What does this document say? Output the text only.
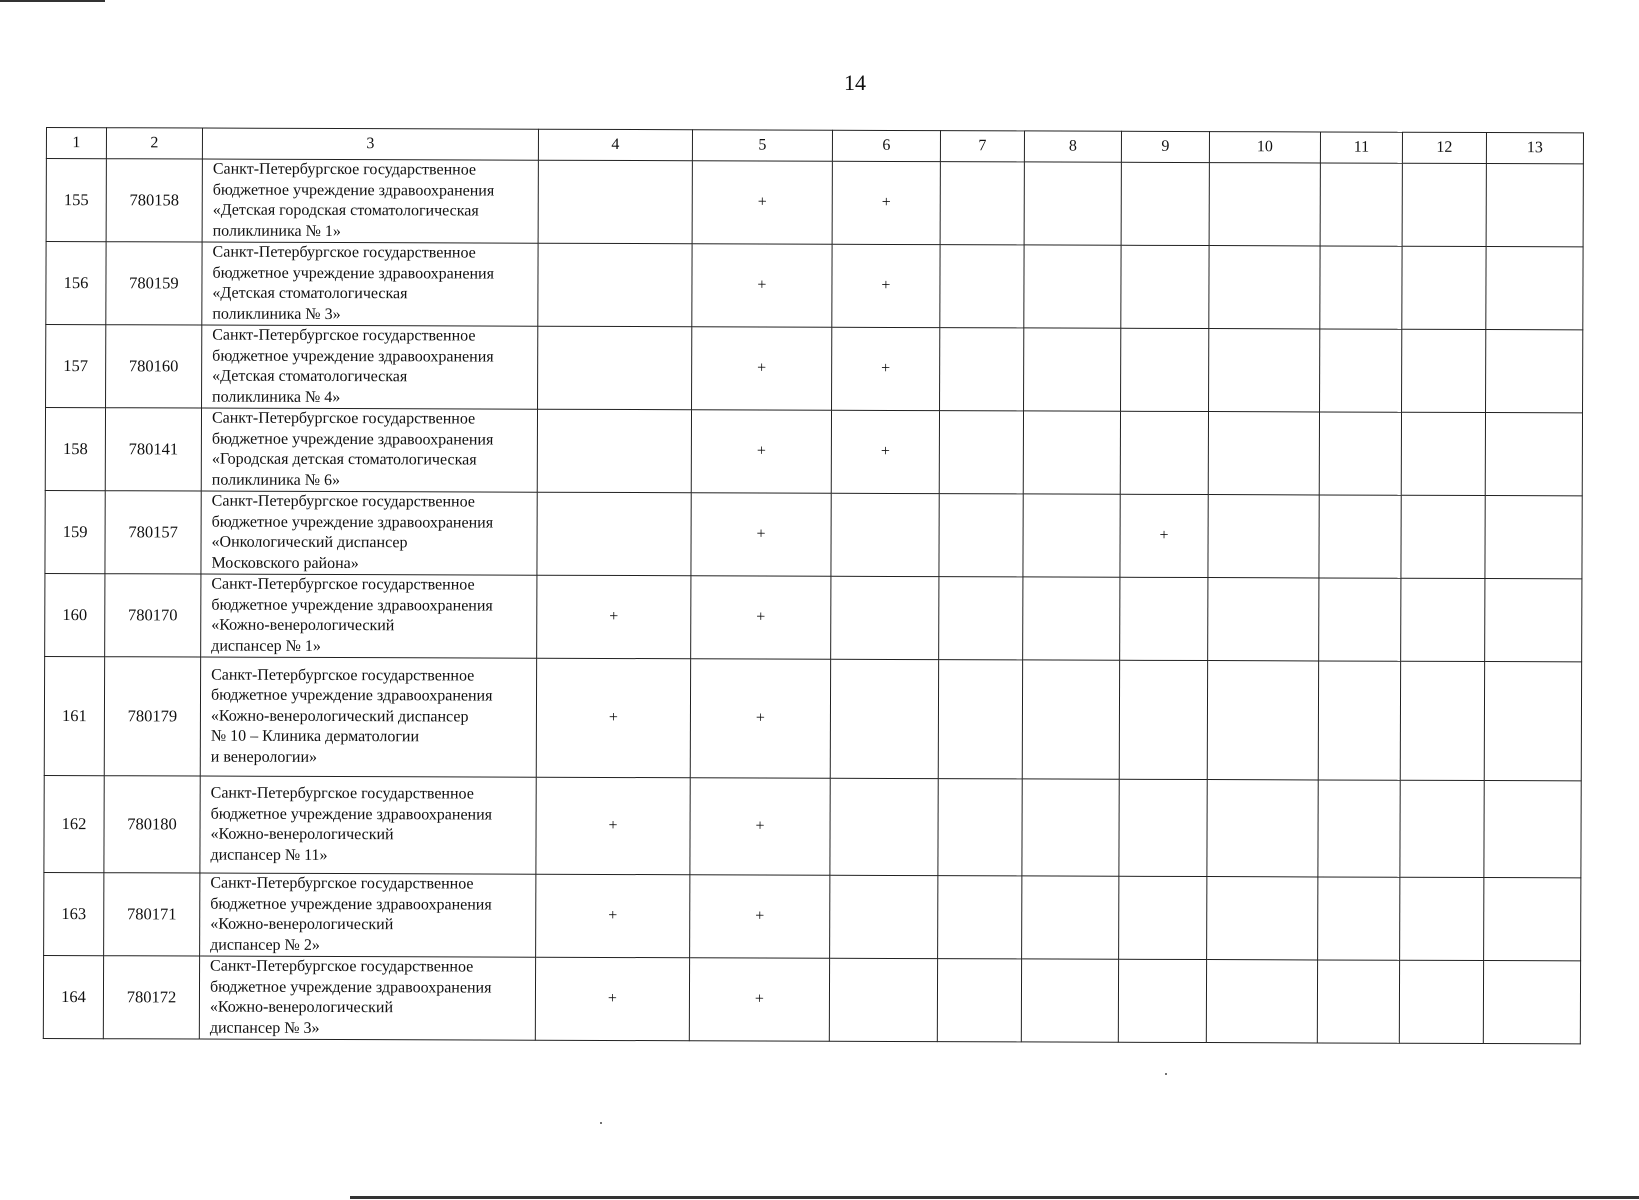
14
1	2	3	4	5	6	7	8	9	10	11	12	13
155	780158	Санкт-Петербургское государственное
бюджетное учреждение здравоохранения
«Детская городская стоматологическая
поликлиника № 1»		+	+							
156	780159	Санкт-Петербургское государственное
бюджетное учреждение здравоохранения
«Детская стоматологическая
поликлиника № 3»		+	+							
157	780160	Санкт-Петербургское государственное
бюджетное учреждение здравоохранения
«Детская стоматологическая
поликлиника № 4»		+	+							
158	780141	Санкт-Петербургское государственное
бюджетное учреждение здравоохранения
«Городская детская стоматологическая
поликлиника № 6»		+	+							
159	780157	Санкт-Петербургское государственное
бюджетное учреждение здравоохранения
«Онкологический диспансер
Московского района»		+				+				
160	780170	Санкт-Петербургское государственное
бюджетное учреждение здравоохранения
«Кожно-венерологический
диспансер № 1»	+	+								
161	780179	Санкт-Петербургское государственное
бюджетное учреждение здравоохранения
«Кожно-венерологический диспансер
№ 10 – Клиника дерматологии
и венерологии»	+	+								
162	780180	Санкт-Петербургское государственное
бюджетное учреждение здравоохранения
«Кожно-венерологический
диспансер № 11»	+	+								
163	780171	Санкт-Петербургское государственное
бюджетное учреждение здравоохранения
«Кожно-венерологический
диспансер № 2»	+	+								
164	780172	Санкт-Петербургское государственное
бюджетное учреждение здравоохранения
«Кожно-венерологический
диспансер № 3»	+	+								
